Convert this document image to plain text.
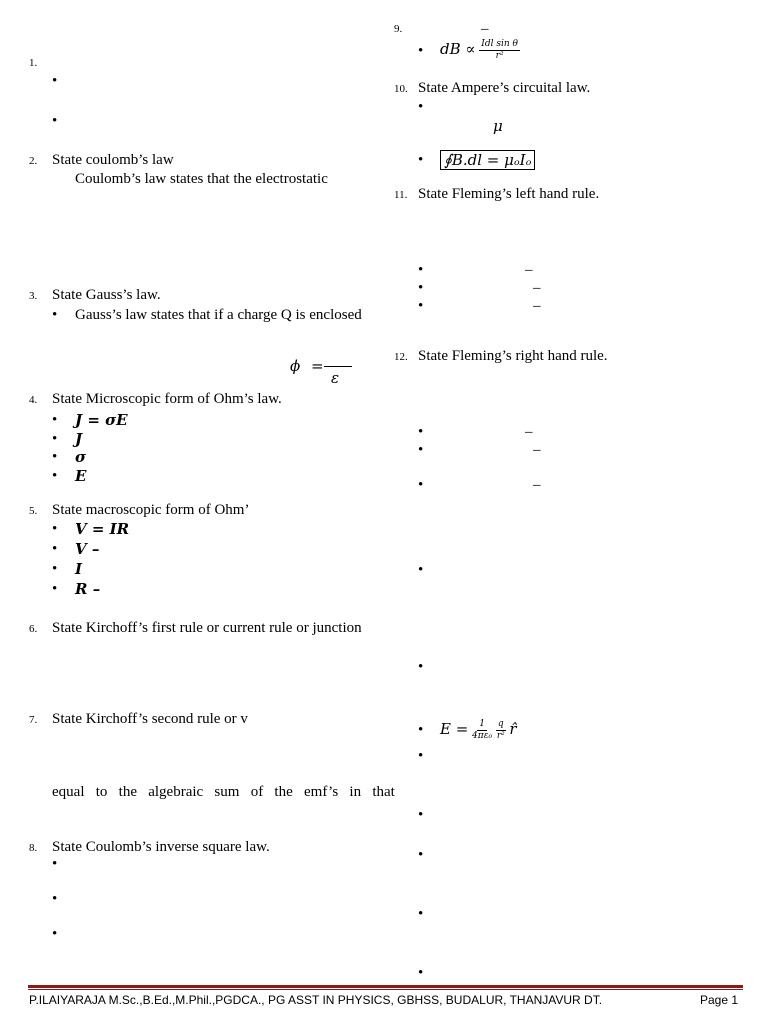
1.
•
•
2. State coulomb’s law
Coulomb’s law states that the electrostatic
3. State Gauss’s law.
• Gauss’s law states that if a charge Q is enclosed
ϕ =
ε
4. State Microscopic form of Ohm’s law.
• J = σE
• J
• σ
• E
5. State macroscopic form of Ohm’
• V = IR
• V –
• I
• R –
6. State Kirchoff’s first rule or current rule or junction
7. State Kirchoff’s second rule or v
equal   to   the   algebraic   sum   of   the   emf’s   in   that
8. State Coulomb’s inverse square law.
•
•
•
9.	–
• dB ∝ $\frac{\text{Idl sin θ}}{\text{r²}}$
10. State Ampere’s circuital law.
•
μ
• ∮B.dl = μₒIₒ
11. State Fleming’s left hand rule.
•	–
•	–
•	–
12. State Fleming’s right hand rule.
•	–
•	–
•	–
•
•
• $E = \frac{1}{\text{4πε₀}}$
$\frac{q}{\text{r²}}$ r̂
•
•
•
•
•
P.ILAIYARAJA M.Sc.,B.Ed.,M.Phil.,PGDCA., PG ASST IN PHYSICS, GBHSS, BUDALUR, THANJAVUR DT.	Page 1
